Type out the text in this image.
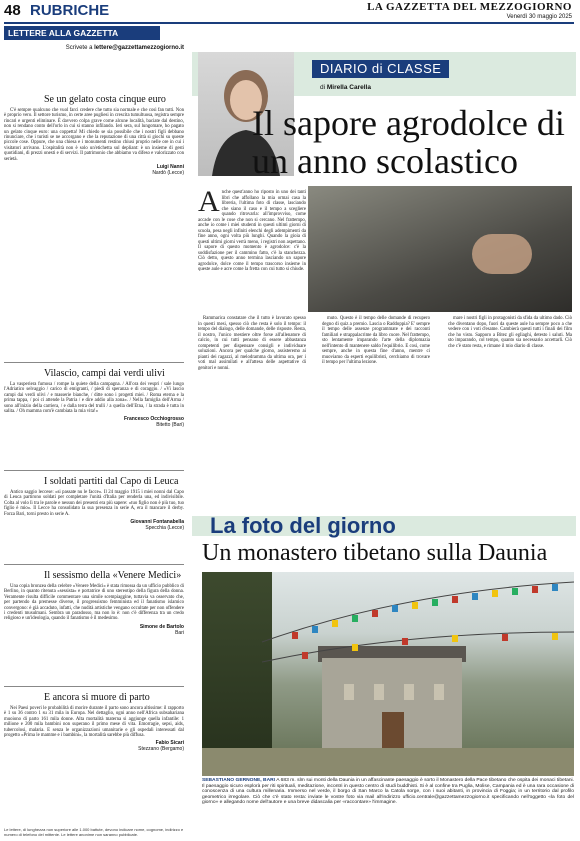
48 RUBRICHE	LA GAZZETTA DEL MEZZOGIORNO
Venerdì 30 maggio 2025
LETTERE ALLA GAZZETTA
Scrivete a lettere@gazzettamezzogiorno.it
Se un gelato costa cinque euro

C'è sempre qualcuno che vuol farci credere che tutto sia normale e che così fan tutti. Non è proprio vero. Il settore turismo, in certe aree pugliesi in crescita tumultuosa, registra sempre rincari e urgenti eliminare. È davvero colpa grave come alcune località, baciate dal destino, non si rendano conto dell'orlo in cui si stanno infilando. Ieri sera, sul lungomare, ho pagato un gelato cinque euro: una coppetta! Mi chiedo se sia possibile che i nostri figli debbano rinunciare, che i turisti se ne accorgano e che la reputazione di una città si giochi su queste piccole cose. Oppure, che una chiesa e i monumenti restino chiusi proprio nelle ore in cui i visitatori arrivano. L'ospitalità non è solo un'etichetta sul depliant: è un insieme di gesti quotidiani, di prezzi onesti e di servizi. Il patrimonio che abbiamo va difeso e valorizzato con serietà.

Luigi Nanni
Nardò (Lecce)
Vilascio, campi dai verdi ulivi

La vasperiera fumosa / rompe la quiete della campagna. / All'ora dei vespri / sale lungo l'Adriatico selvaggio / carico di emigranti, / piedi di speranza e di coraggio. / «Vi lascio campi dai verdi ulivi / e masserie bianche, / ditte sono i progetti miei. / Roma eterna e la prima tappa, / poi ci attende la Patria / e dire addio alla zona». / Nella famiglia dell'Arma / sono all'inizio della carriera, / e dalla terra del trulli / a quella dell'Etna, / la strada è tutta in salita. / Oh mamma com'è cambiata la mia vita!»

Francesco Occhiogrosso
Bitetto (Bari)
I soldati partiti dal Capo di Leuca

Antico saggio leccese: «si passate nu le facce». Il 24 maggio 1915 i miei nonni dal Capo di Leuca partirono soldati per completare l'unità d'Italia per renderla una, ed indivisibile. Colta al volo lì tra le parole e nessun dei presenti era più sapere: «tuo figlio non è più tuo, tuo figlio è mio». Il Lecce ha consolidato la sua presenza in serie A, era il mancare il derby. Forza Bari, torni presto in serie A.

Giovanni Fontanabella
Specchia (Lecce)
Il sessismo della «Venere Medici»

Una copia bronzea della celebre «Venere Medici» è stata rimossa da un ufficio pubblico di Berlino, in quanto ritenuta «sessista» e portatrice di uno stereotipo della figura della donna. Veramente risulta difficile commentare una simile scempiaggine, tuttavia va osservato che, per partendo da premesse diverse, il progressismo femminista ed il fanatismo islamico convergono: è già accaduto, infatti, che nudità artistiche vengano occultate per non offendere i credenti musulmani. Sembra un paradosso, ma non lo è: non c'è differenza tra un credo religioso e un'ideologia, quando il fanatismo è il medesimo.

Simone de Bartolo
Bari
E ancora si muore di parto

Nei Paesi poveri le probabilità di morire durante il parto sono ancora altissime: il rapporto è 1 su 36 contro 1 su 31 mila in Europa. Nel dettaglio, ogni anno nell'Africa subsahariana muoiono di parto 161 mila donne. Alta mortalità materna si aggiunge quella infantile: 1 milione e 200 mila bambini non superano il primo mese di vita. Emorragie, sepsi, aids, tubercolosi, malaria. E senza le organizzazioni umanitarie e gli ospedali interessati dal progetto «Prima le mamme e i bambini», la mortalità sarebbe più diffusa.

Fabio Sicari
Stezzano (Bergamo)
Le lettere, di lunghezza non superiore alle 1.000 battute, devono indicare nome, cognome, indirizzo e numero di telefono del mittente. Le lettere anonime non saranno pubblicate.
DIARIO di CLASSE
di Mirella Carella
Il sapore agrodolce di un anno scolastico
A nche quest'anno ho riposto in uno dei tanti libri che affollano la mia ormai casa la libreria, l'ultima foto di classe, lasciando che siano il caso e il tempo a scegliere quando ritrovarla: all'improvviso, come accade con le cose che non si cercano. Nel frattempo, anche io come i miei studenti in questi ultimi giorni di scuola, pesa negli infiniti elenchi degli adempimenti da fine anno, ogni volta più lunghi. Quando la gioia di questi ultimi giorni verrà meno, i registri non aspettano. Il sapore di questo momento è agrodolce: c'è la soddisfazione per il cammino fatto, c'è la stanchezza. Ciò detto, questo anno termina lasciando un sapore agrodolce, dolce come il tempo trascorso insieme in queste aule e acre come la fretta con cui tutto si chiude.

Rammarica constatare che il tutto è lavorato spesso in questi mesi, spesso ciò che resta è solo il tempo: il tempo del dialogo, delle domande, delle risposte. Resta, il nostro, l'unico mestiere oltre forse all'allenatore di calcio, in cui tutti pensano di essere abbastanza competenti per dispensare consigli e individuare soluzioni. Ancora per qualche giorno, assisteremo ai pianti dei ragazzi, al melodramma da ultima ora, per i voti mal assimilati e all'attesa delle aspettative di genitori e nonni.

muto. Questo è il tempo delle domande di recupero degno di quiz a premio. Lascia o Raddoppia? E' sempre il tempo delle assenze programmate e dei racconti familiari e strappalacrime da libro cuore. Nel frattempo, sto lentamente imparando l'arte della diplomazia nell'intento di mantenere saldo l'equilibrio. E così, come sempre, anche in questa fine d'anno, mentre ci muoviamo da esperti equilibristi, cerchiamo di trovare il tempo per l'ultima lezione.

mare i nostri figli in protagonisti da sfida da ultimo dado. Ciò che diventano dopo, fuori da queste aule ha sempre poco a che vedere con i voti d'esame. Cambierà questi tutti i finali dei film che ho visto. Sapporo a Bitez gli egliaghi, detesto i saluti. Ma sto imparando, col tempo, quanto sia necessario accettarli. Ciò che c'è stato resta, e rimane il mio diario di classe.

La foto del giorno
Un monastero tibetano sulla Daunia
SEBASTIANO GERNONE, BARI A 683 m. slm sui monti della Daunia in un affascinante paesaggio è sorto il Monastero della Pace tibetano che ospita dei monaci tibetani. Il paesaggio sicuro esplorà per riti spirituali, meditazione, incontri in questo centro di studi buddhisti. Si è al confine tra Puglia, Molise, Campania ed è una rara occasione di conoscenza di una cultura millenaria. Immerso nel verde, il borgo di San Marco la Catola sorge, con i suoi abitanti, in provincia di Foggia; in un territorio dal profilo geometrico irregolare. Ciò che c'è stato resta: inviate le vostre foto via mail all'indirizzo ufficio.centrale@gazzettamezzogiorno.it specificando nell'oggetto «la foto del giorno» e allegando nome dell'autore e una breve didascalia per «raccontare» l'immagine.
